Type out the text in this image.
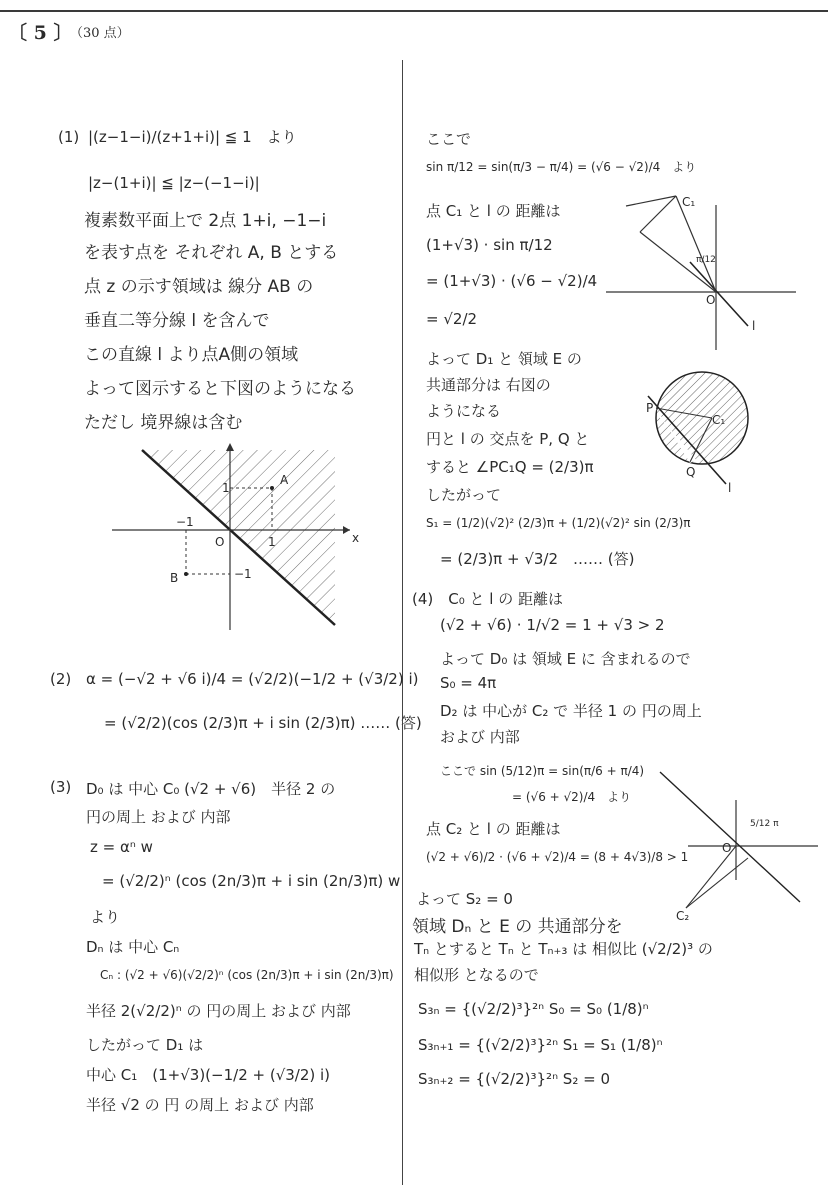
〔 5 〕
（30 点）
(1) |(z−1−i)/(z+1+i)| ≦ 1　より
|z−(1+i)| ≦ |z−(−1−i)|
複素数平面上で 2点 1+i, −1−i
を表す点を それぞれ A, B とする
点 z の示す領域は 線分 AB の
垂直二等分線 l を含んで
この直線 l より点A側の領域
よって図示すると下図のようになる
ただし 境界線は含む
x
O	1
−1
1
−1
A
B
(2) α = (−√2 + √6 i)/4 = (√2/2)(−1/2 + (√3/2) i)
= (√2/2)(cos (2/3)π + i sin (2/3)π) …… (答)
(3) D₀ は 中心 C₀ (√2 + √6)　半径 2 の
円の周上 および 内部
z = αⁿ w
= (√2/2)ⁿ (cos (2n/3)π + i sin (2n/3)π) w
より
Dₙ は 中心 Cₙ
Cₙ : (√2 + √6)(√2/2)ⁿ (cos (2n/3)π + i sin (2n/3)π)
半径 2(√2/2)ⁿ の 円の周上 および 内部
したがって D₁ は
中心 C₁　(1+√3)(−1/2 + (√3/2) i)
半径 √2 の 円 の周上 および 内部
ここで
sin π/12 = sin(π/3 − π/4) = (√6 − √2)/4　より
点 C₁ と l の 距離は
(1+√3) · sin π/12
= (1+√3) · (√6 − √2)/4
= √2/2
よって D₁ と 領域 E の
共通部分は 右図の
ようになる
円と l の 交点を P, Q と
すると ∠PC₁Q = (2/3)π
したがって
S₁ = (1/2)(√2)² (2/3)π + (1/2)(√2)² sin (2/3)π
= (2/3)π + √3/2　…… (答)
(4)　C₀ と l の 距離は
(√2 + √6) · 1/√2 = 1 + √3 > 2
よって D₀ は 領域 E に 含まれるので
S₀ = 4π
D₂ は 中心が C₂ で 半径 1 の 円の周上
および 内部
ここで sin (5/12)π = sin(π/6 + π/4)
= (√6 + √2)/4　より
点 C₂ と l の 距離は
(√2 + √6)/2 · (√6 + √2)/4 = (8 + 4√3)/8 > 1
よって S₂ = 0
領域 Dₙ と E の 共通部分を
Tₙ とすると Tₙ と Tₙ₊₃ は 相似比 (√2/2)³ の
相似形 となるので
S₃ₙ = {(√2/2)³}²ⁿ S₀ = S₀ (1/8)ⁿ
S₃ₙ₊₁ = {(√2/2)³}²ⁿ S₁ = S₁ (1/8)ⁿ
S₃ₙ₊₂ = {(√2/2)³}²ⁿ S₂ = 0
C₁
π/12
O
l
P
Q
C₁
l
5/12 π
O
C₂
